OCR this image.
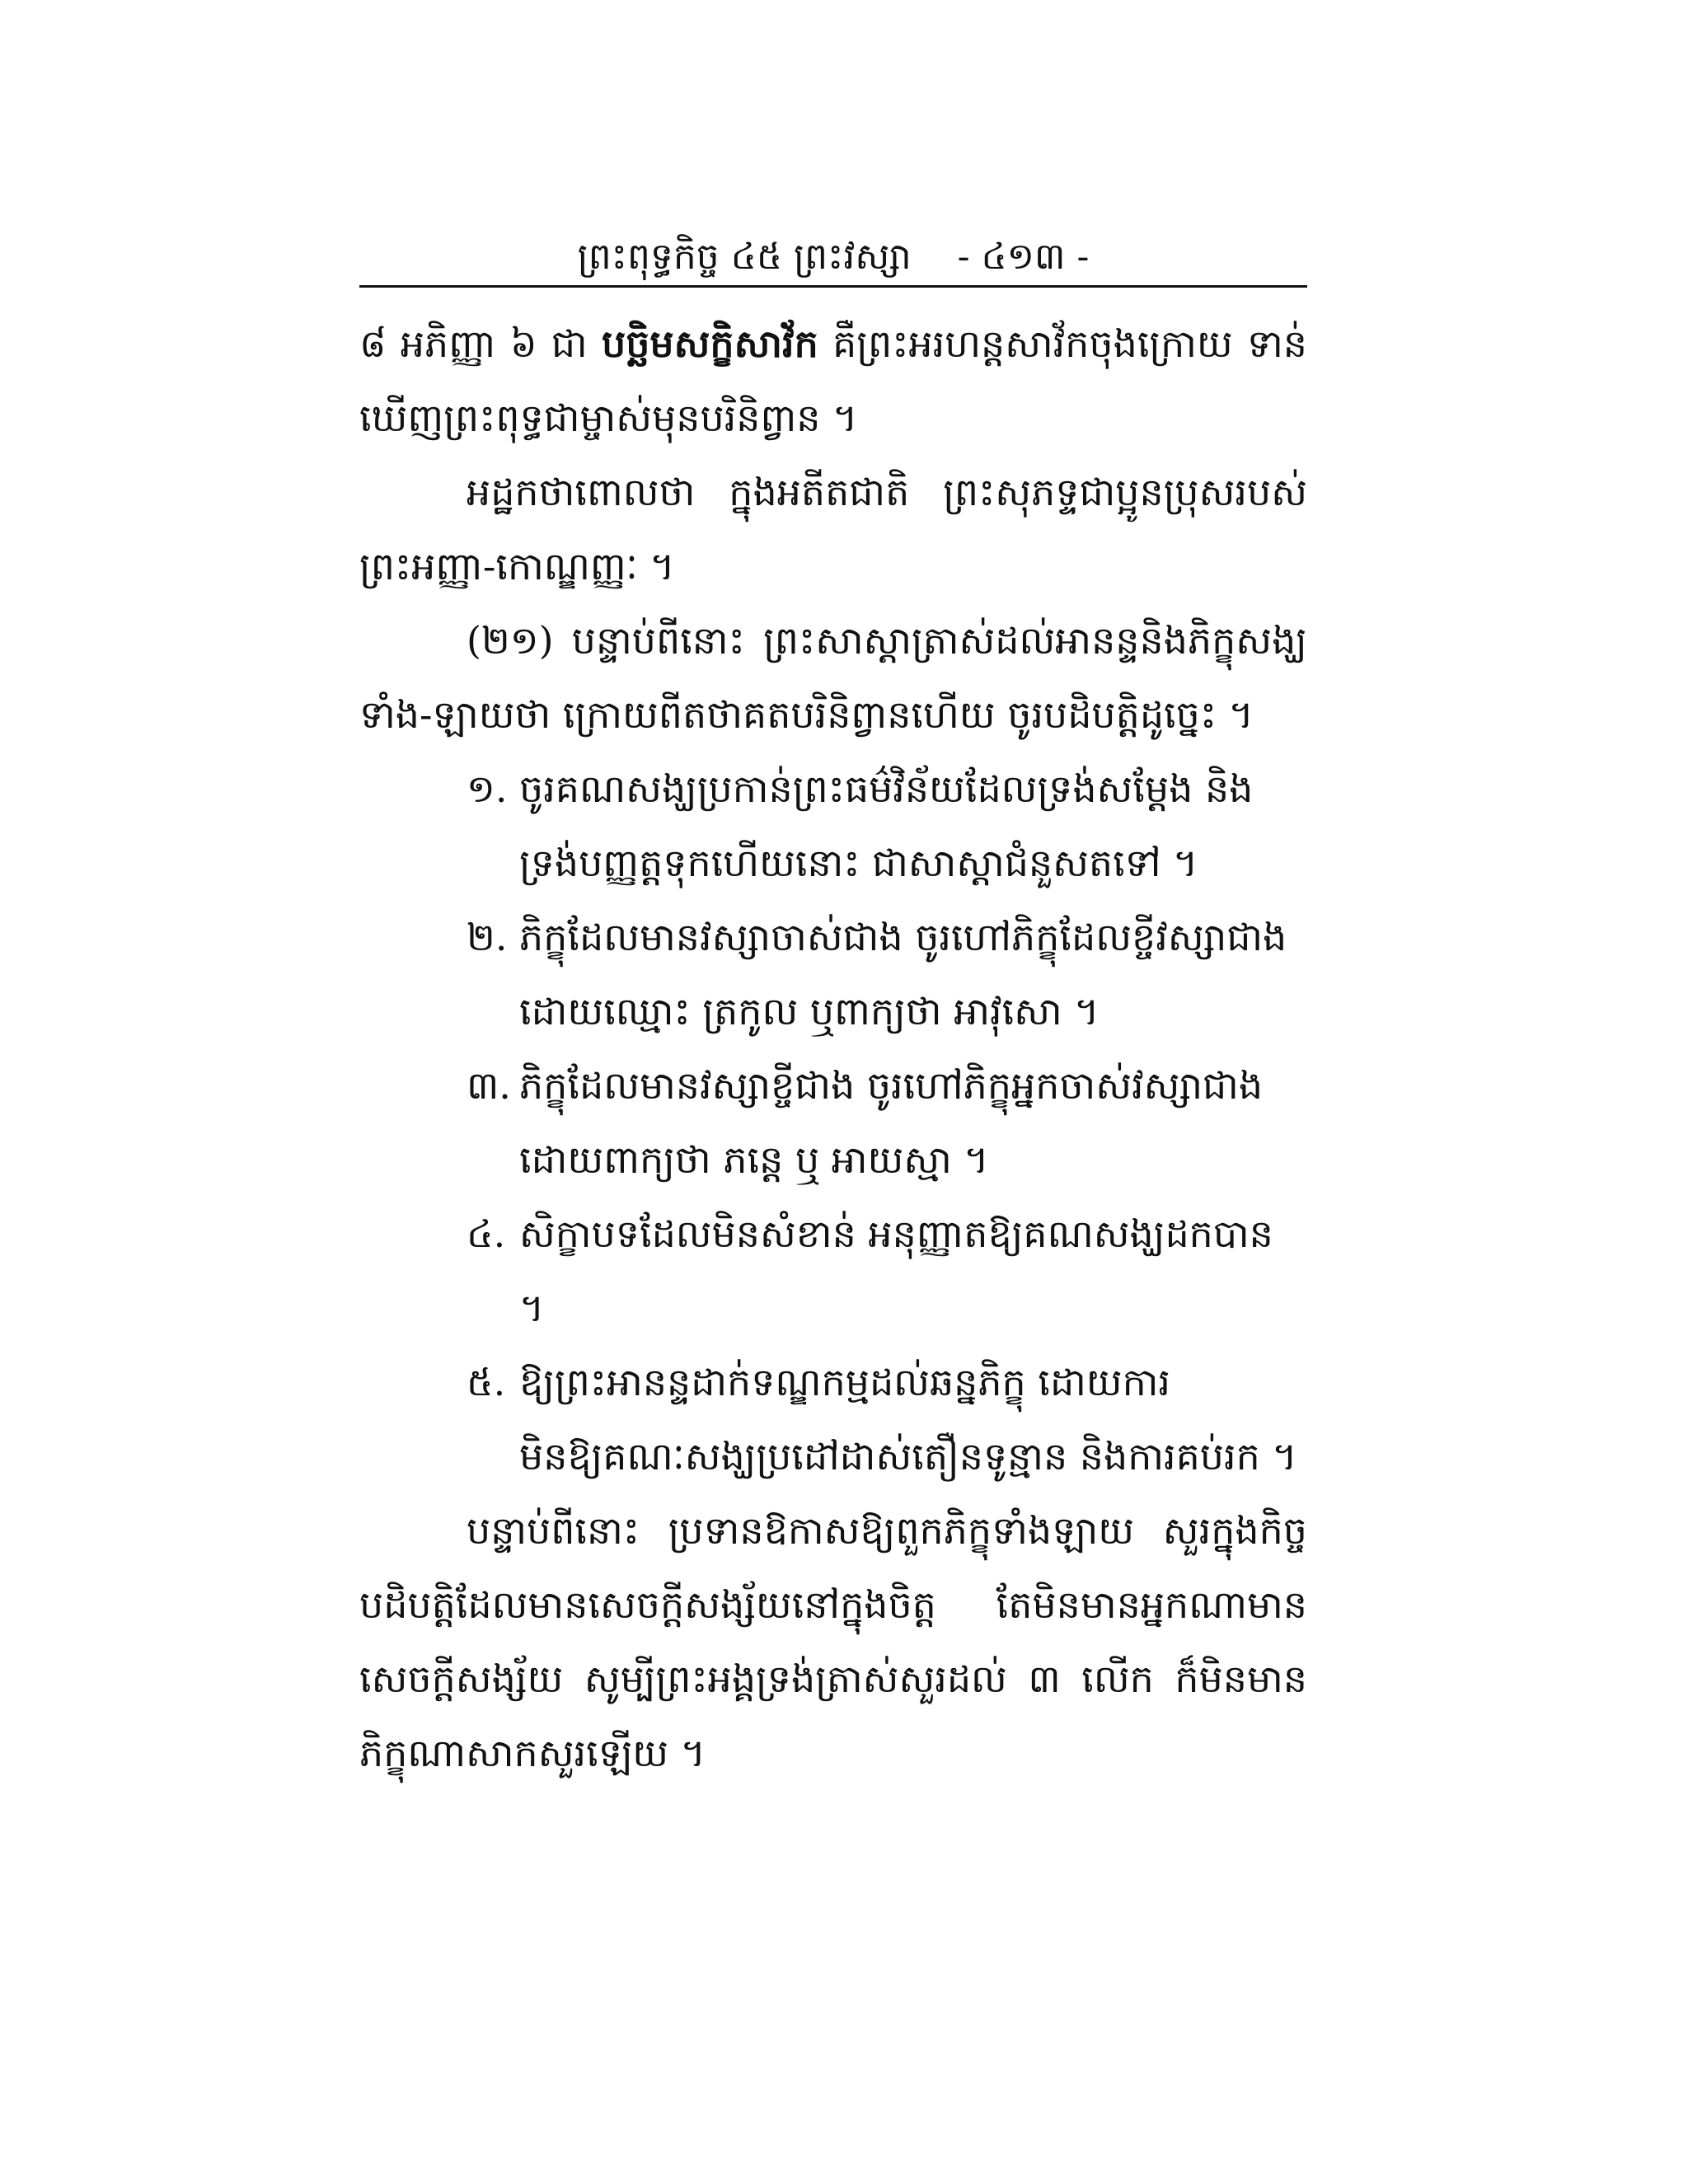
ព្រះពុទ្ធកិច្ច ៤៥ ព្រះវស្សា - ៤១៣ -

៨ អភិញ្ញា ៦ ជា បច្ឆិមសក្ខិសាវ័ក គឺព្រះអរហន្តសាវ័កចុងក្រោយ ទាន់ឃើញព្រះពុទ្ធជាម្ចាស់មុនបរិនិព្វាន ។

អដ្ឋកថាពោលថា ក្នុងអតីតជាតិ ព្រះសុភទ្ទជាប្អូនប្រុសរបស់ព្រះអញ្ញា-កោណ្ឌញ្ញៈ ។

(២១) បន្ទាប់ពីនោះ ព្រះសាស្តាត្រាស់ដល់អានន្ទនិងភិក្ខុសង្ឃទាំង-ឡាយថា ក្រោយពីតថាគតបរិនិព្វានហើយ ចូរបដិបត្តិដូច្នេះ ។

១. ចូរគណសង្ឃប្រកាន់ព្រះធម៌វិន័យដែលទ្រង់សម្តែង និងទ្រង់បញ្ញត្តទុកហើយនោះ ជាសាស្តាជំនួសតទៅ ។
២. ភិក្ខុដែលមានវស្សាចាស់ជាង ចូរហៅភិក្ខុដែលខ្ចីវស្សាជាងដោយឈ្មោះ ត្រកូល ឬពាក្យថា អាវុសោ ។
៣. ភិក្ខុដែលមានវស្សាខ្ចីជាង ចូរហៅភិក្ខុអ្នកចាស់វស្សាជាងដោយពាក្យថា ភន្តេ ឬ អាយស្មា ។
៤. សិក្ខាបទដែលមិនសំខាន់ អនុញ្ញាតឱ្យគណសង្ឃដកបាន ។
៥. ឱ្យព្រះអានន្ទដាក់ទណ្ឌកម្មដល់ឆន្នភិក្ខុ ដោយការមិនឱ្យគណៈសង្ឃប្រដៅដាស់តឿនទូន្មាន និងការគប់រក ។

បន្ទាប់ពីនោះ ប្រទានឱកាសឱ្យពួកភិក្ខុទាំងឡាយ សួរក្នុងកិច្ចបដិបត្តិដែលមានសេចក្តីសង្ស័យនៅក្នុងចិត្ត តែមិនមានអ្នកណាមានសេចក្តីសង្ស័យ សូម្បីព្រះអង្គទ្រង់ត្រាស់សួរដល់ ៣ លើក ក៏មិនមានភិក្ខុណាសាកសួរឡើយ ។
